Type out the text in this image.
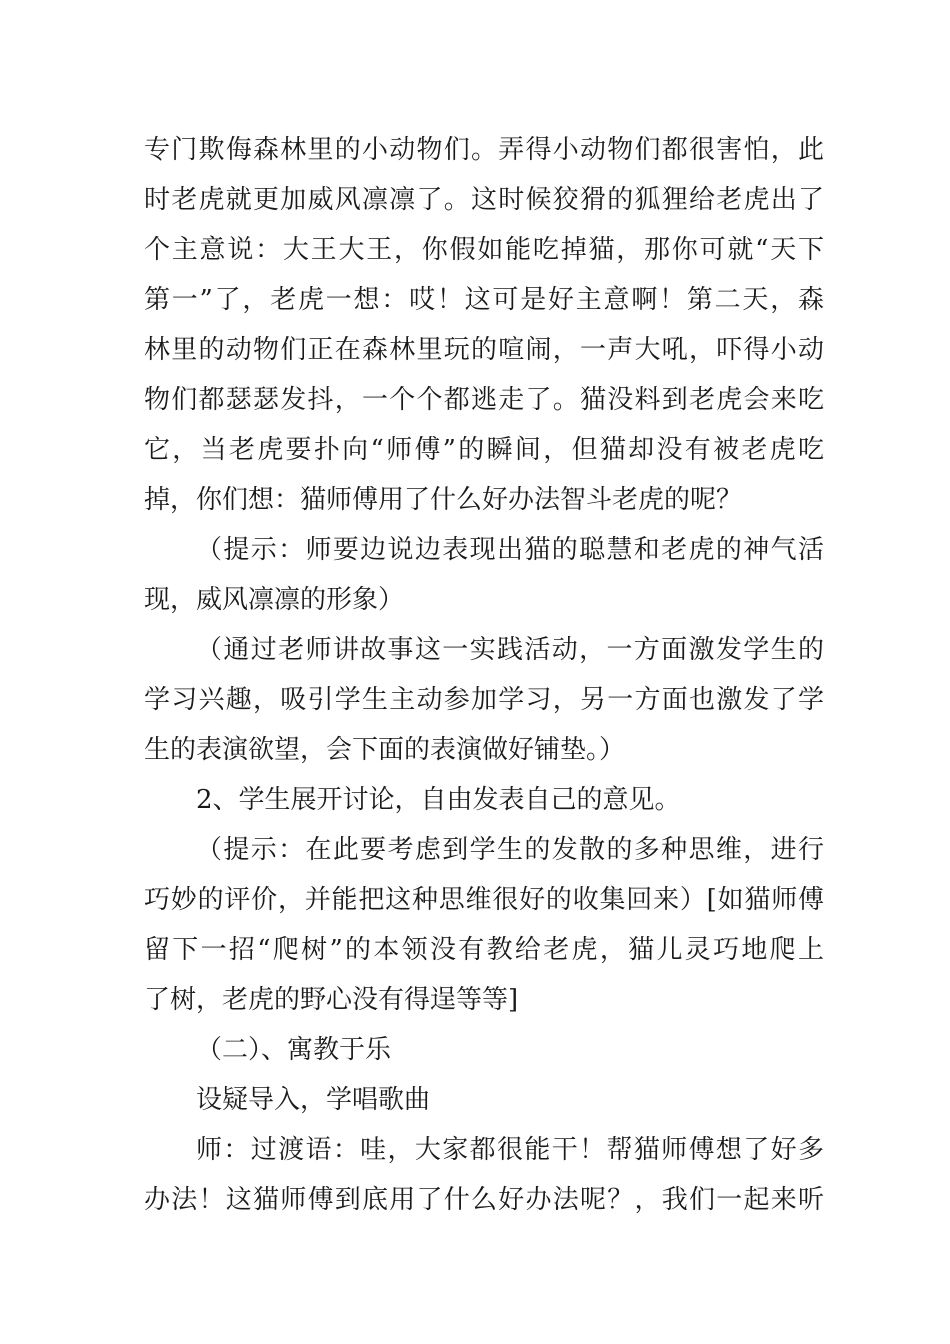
专门欺侮森林里的小动物们。弄得小动物们都很害怕，此
时老虎就更加威风凛凛了。这时候狡猾的狐狸给老虎出了
个主意说：大王大王，你假如能吃掉猫，那你可就“天下
第一”了，老虎一想：哎！这可是好主意啊！第二天，森
林里的动物们正在森林里玩的喧闹，一声大吼，吓得小动
物们都瑟瑟发抖，一个个都逃走了。猫没料到老虎会来吃
它，当老虎要扑向“师傅”的瞬间，但猫却没有被老虎吃
掉，你们想：猫师傅用了什么好办法智斗老虎的呢？
（提示：师要边说边表现出猫的聪慧和老虎的神气活
现，威风凛凛的形象）
（通过老师讲故事这一实践活动，一方面激发学生的
学习兴趣，吸引学生主动参加学习，另一方面也激发了学
生的表演欲望，会下面的表演做好铺垫。）
2、学生展开讨论，自由发表自己的意见。
（提示：在此要考虑到学生的发散的多种思维，进行
巧妙的评价，并能把这种思维很好的收集回来）[如猫师傅
留下一招“爬树”的本领没有教给老虎，猫儿灵巧地爬上
了树，老虎的野心没有得逞等等]
（二）、寓教于乐
设疑导入，学唱歌曲
师：过渡语：哇，大家都很能干！帮猫师傅想了好多
办法！这猫师傅到底用了什么好办法呢？，我们一起来听
